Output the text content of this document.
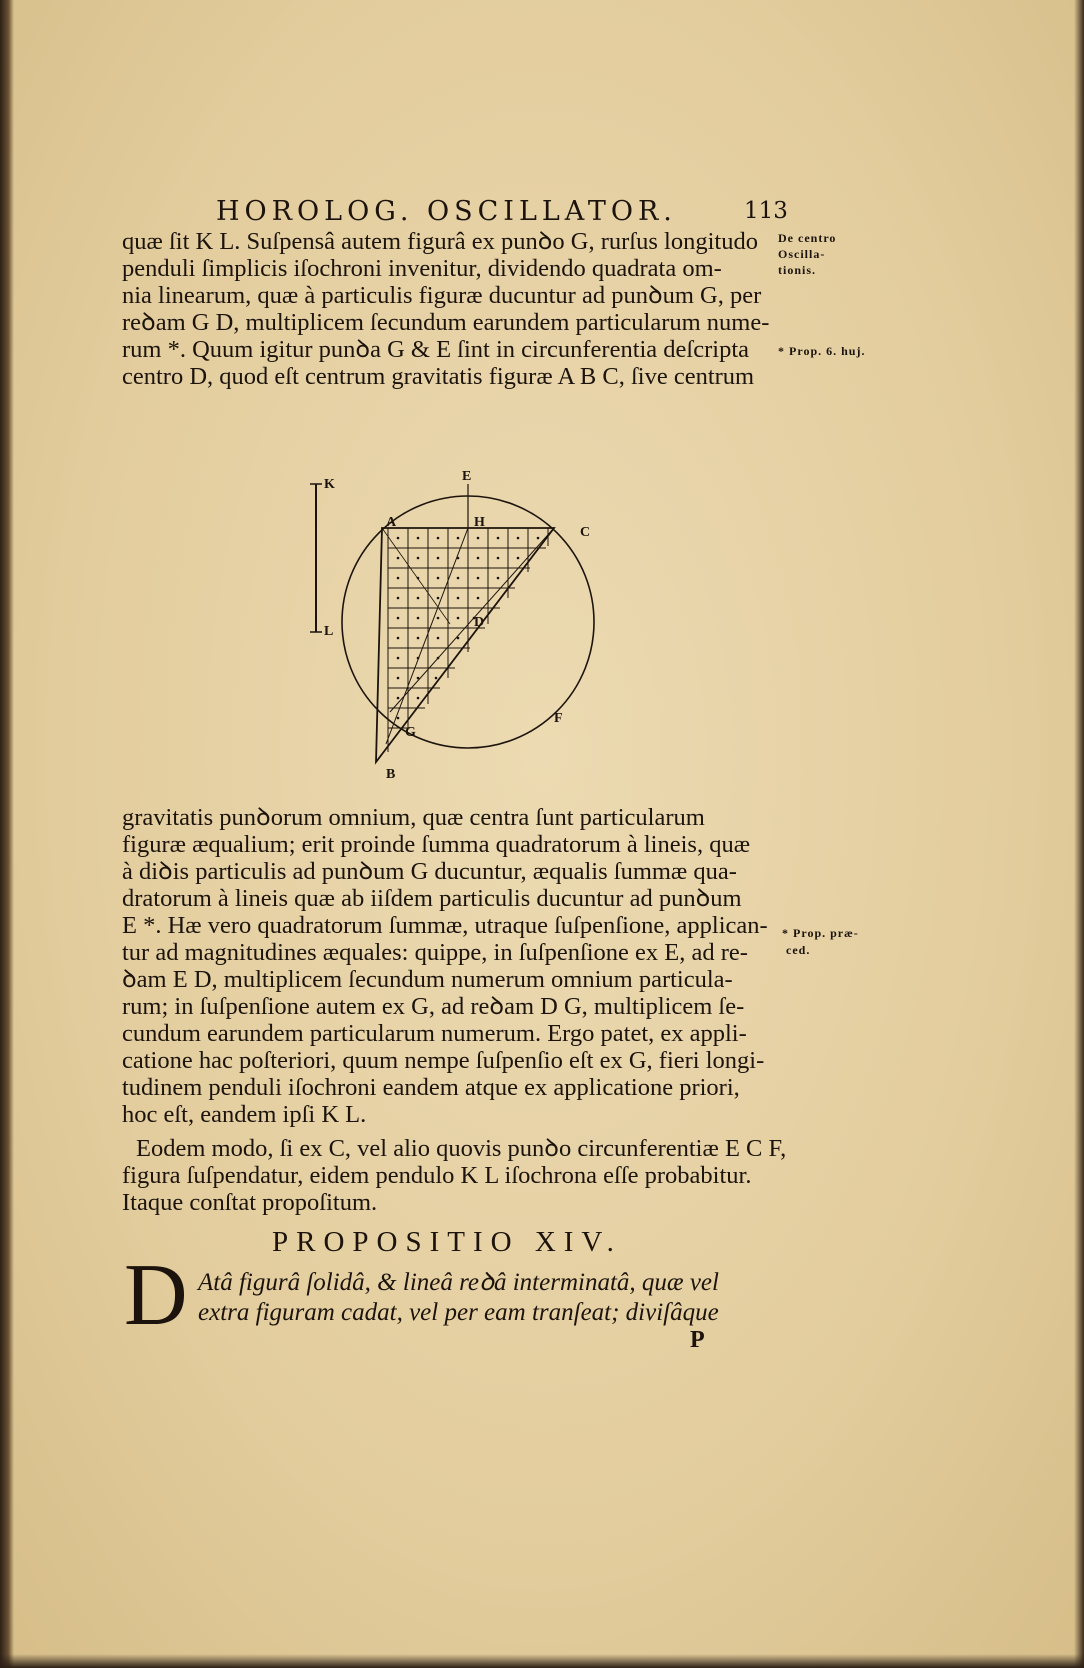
HOROLOG. OSCILLATOR.	113
De centro
Oscilla-
tionis.
* Prop. 6. huj.
* Prop. præ-
ced.
quæ ſit K L. Suſpensâ autem figurâ ex punꝺo G, rurſus longitudo
penduli ſimplicis iſochroni invenitur, dividendo quadrata om-
nia linearum, quæ à particulis figuræ ducuntur ad punꝺum G, per
reꝺam G D, multiplicem ſecundum earundem particularum nume-
rum *. Quum igitur punꝺa G & E ſint in circunferentia deſcripta
centro D, quod eſt centrum gravitatis figuræ A B C, ſive centrum
K
L
E
H
A
C
D
F
G
B
gravitatis punꝺorum omnium, quæ centra ſunt particularum
figuræ æqualium; erit proinde ſumma quadratorum à lineis, quæ
à diꝺis particulis ad punꝺum G ducuntur, æqualis ſummæ qua-
dratorum à lineis quæ ab iiſdem particulis ducuntur ad punꝺum
E *. Hæ vero quadratorum ſummæ, utraque ſuſpenſione, applican-
tur ad magnitudines æquales: quippe, in ſuſpenſione ex E, ad re-
ꝺam E D, multiplicem ſecundum numerum omnium particula-
rum; in ſuſpenſione autem ex G, ad reꝺam D G, multiplicem ſe-
cundum earundem particularum numerum. Ergo patet, ex appli-
catione hac poſteriori, quum nempe ſuſpenſio eſt ex G, fieri longi-
tudinem penduli iſochroni eandem atque ex applicatione priori,
hoc eſt, eandem ipſi K L.
Eodem modo, ſi ex C, vel alio quovis punꝺo circunferentiæ E C F,
figura ſuſpendatur, eidem pendulo K L iſochrona eſſe probabitur.
Itaque conſtat propoſitum.
PROPOSITIO XIV.
D Atâ figurâ ſolidâ, & lineâ reꝺâ interminatâ, quæ vel
extra figuram cadat, vel per eam tranſeat; diviſâque
P
